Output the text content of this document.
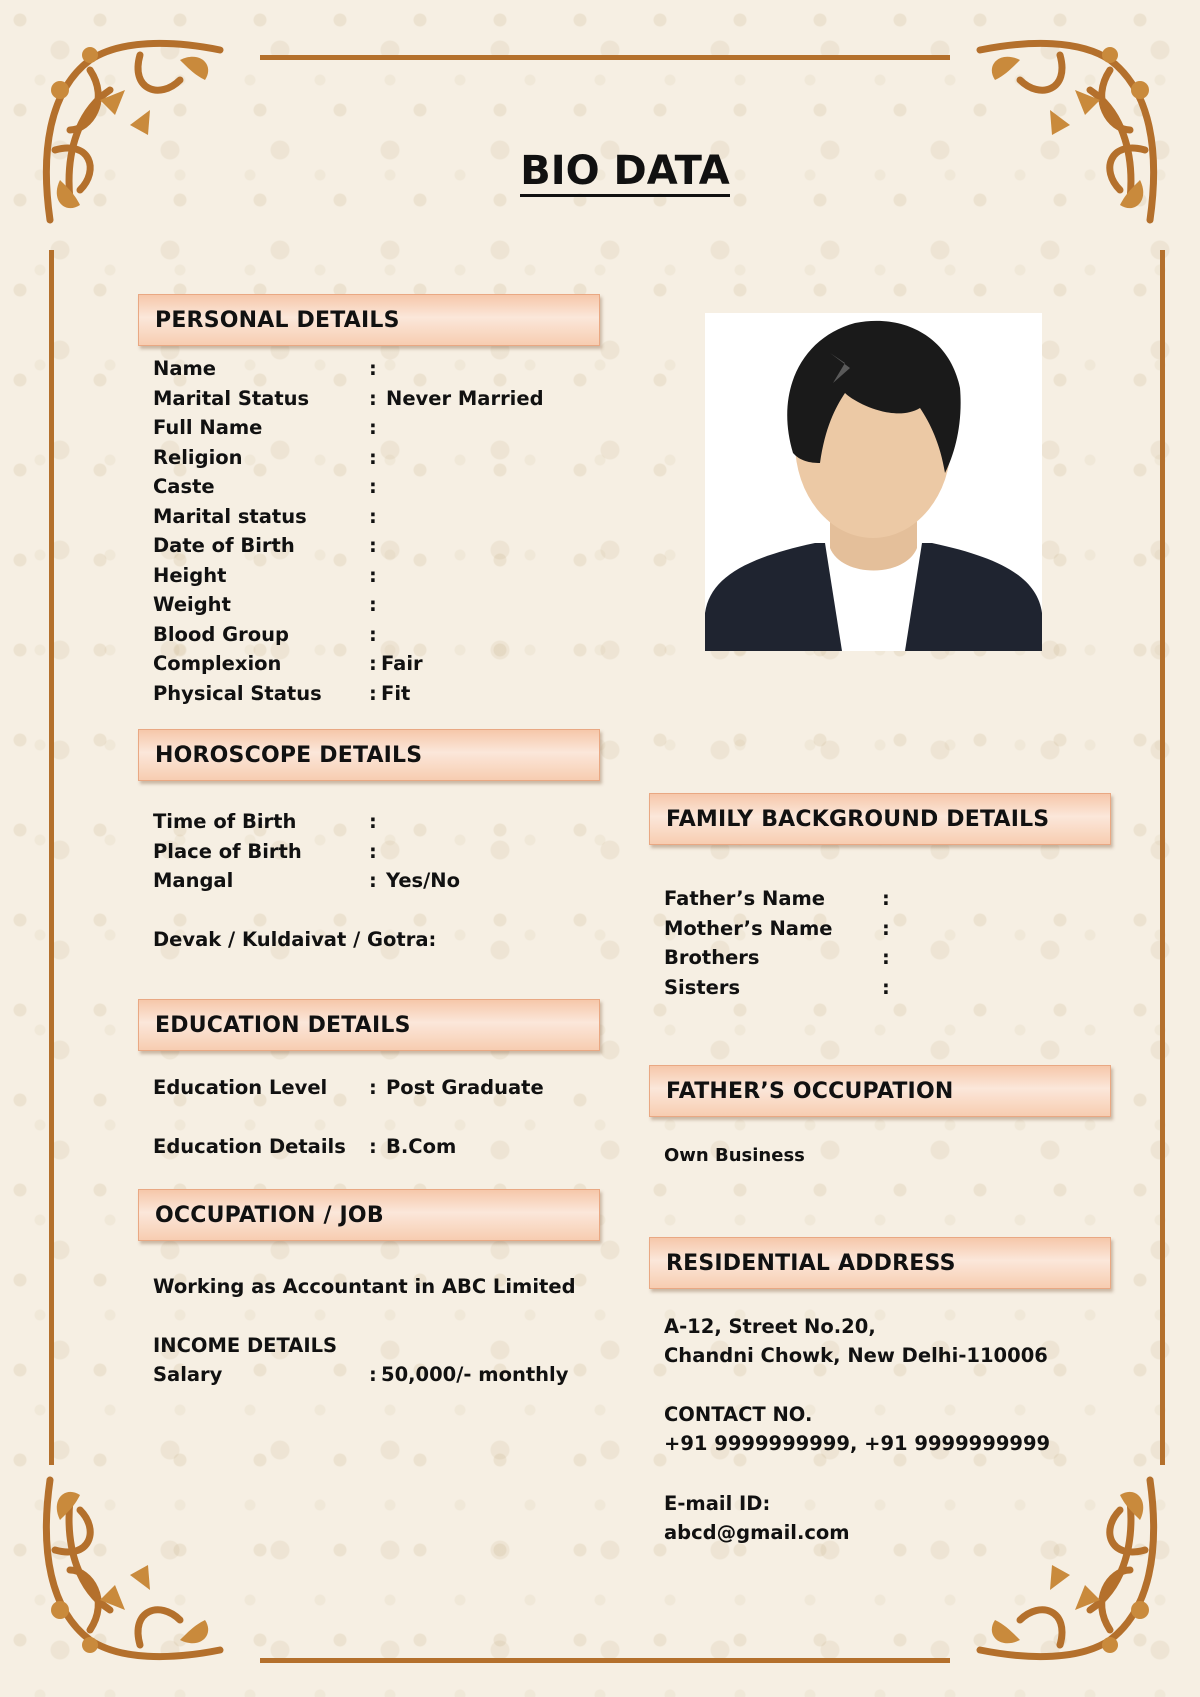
BIO DATA
PERSONAL DETAILS
Name	:
Marital Status	: Never Married
Full Name	:
Religion	:
Caste	:
Marital status	:
Date of Birth	:
Height	:
Weight	:
Blood Group	:
Complexion	: Fair
Physical Status	: Fit
HOROSCOPE DETAILS
Time of Birth	:
Place of Birth	:
Mangal	: Yes/No
Devak / Kuldaivat / Gotra:
EDUCATION DETAILS
Education Level	: Post Graduate
Education Details	: B.Com
OCCUPATION / JOB
Working as Accountant in ABC Limited
INCOME DETAILS
Salary	: 50,000/- monthly
FAMILY BACKGROUND DETAILS
Father’s Name	:
Mother’s Name	:
Brothers	:
Sisters	:
FATHER’S OCCUPATION
Own Business
RESIDENTIAL ADDRESS
A-12, Street No.20,
Chandni Chowk, New Delhi-110006
CONTACT NO.
+91 9999999999, +91 9999999999
E-mail ID:
abcd@gmail.com
